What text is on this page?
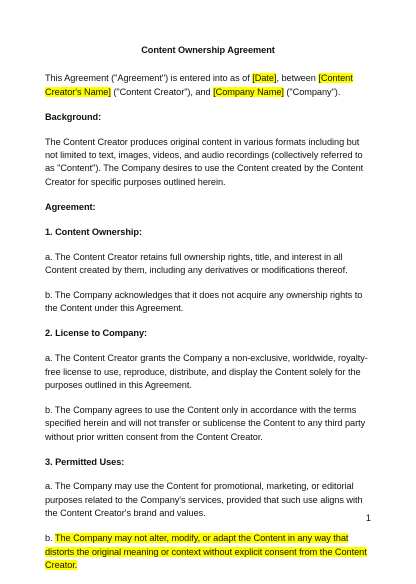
Content Ownership Agreement

This Agreement ("Agreement") is entered into as of [Date], between [Content Creator's Name] ("Content Creator"), and [Company Name] ("Company").

Background:

The Content Creator produces original content in various formats including but not limited to text, images, videos, and audio recordings (collectively referred to as "Content"). The Company desires to use the Content created by the Content Creator for specific purposes outlined herein.

Agreement:

1. Content Ownership:

a. The Content Creator retains full ownership rights, title, and interest in all Content created by them, including any derivatives or modifications thereof.

b. The Company acknowledges that it does not acquire any ownership rights to the Content under this Agreement.

2. License to Company:

a. The Content Creator grants the Company a non-exclusive, worldwide, royalty-free license to use, reproduce, distribute, and display the Content solely for the purposes outlined in this Agreement.

b. The Company agrees to use the Content only in accordance with the terms specified herein and will not transfer or sublicense the Content to any third party without prior written consent from the Content Creator.

3. Permitted Uses:

a. The Company may use the Content for promotional, marketing, or editorial purposes related to the Company's services, provided that such use aligns with the Content Creator's brand and values.

b. The Company may not alter, modify, or adapt the Content in any way that distorts the original meaning or context without explicit consent from the Content Creator.

1
